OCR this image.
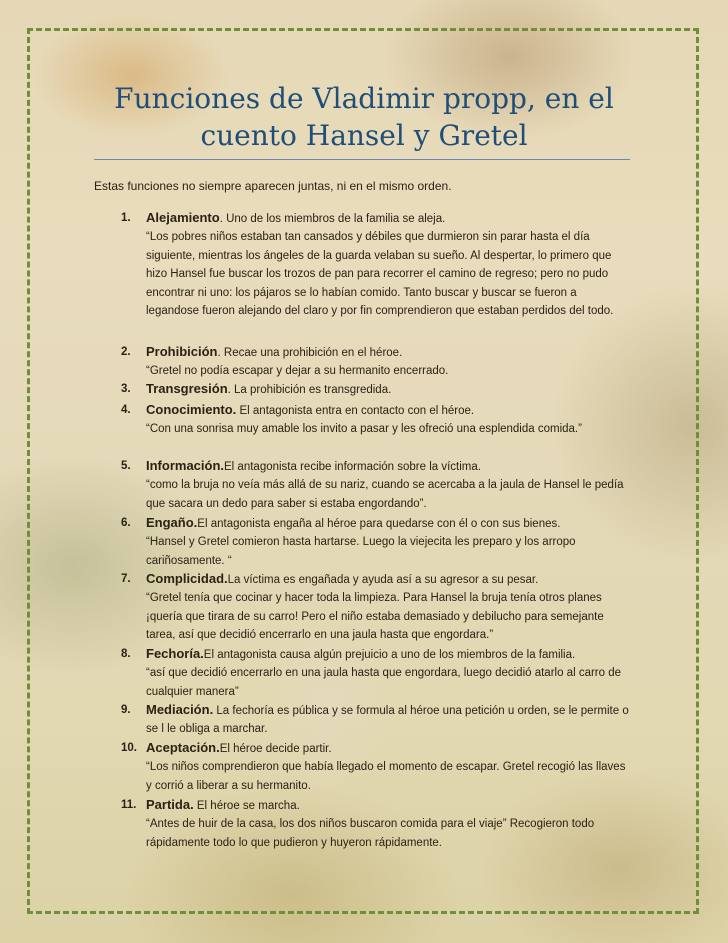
Funciones de Vladimir propp, en el cuento Hansel y Gretel

Estas funciones no siempre aparecen juntas, ni en el mismo orden.

1. Alejamiento. Uno de los miembros de la familia se aleja.
“Los pobres niños estaban tan cansados y débiles que durmieron sin parar hasta el día siguiente, mientras los ángeles de la guarda velaban su sueño. Al despertar, lo primero que hizo Hansel fue buscar los trozos de pan para recorrer el camino de regreso; pero no pudo encontrar ni uno: los pájaros se lo habían comido. Tanto buscar y buscar se fueron a legandose fueron alejando del claro y por fin comprendieron que estaban perdidos del todo.

2. Prohibición. Recae una prohibición en el héroe.
“Gretel no podía escapar y dejar a su hermanito encerrado.

3. Transgresión. La prohibición es transgredida.

4. Conocimiento. El antagonista entra en contacto con el héroe.
“Con una sonrisa muy amable los invito a pasar y les ofreció una esplendida comida.”

5. Información.El antagonista recibe información sobre la víctima.
“como la bruja no veía más allá de su nariz, cuando se acercaba a la jaula de Hansel le pedía que sacara un dedo para saber si estaba engordando”.

6. Engaño.El antagonista engaña al héroe para quedarse con él o con sus bienes.
“Hansel y Gretel comieron hasta hartarse. Luego la viejecita les preparo y los arropo cariñosamente. “

7. Complicidad.La víctima es engañada y ayuda así a su agresor a su pesar.
“Gretel tenía que cocinar y hacer toda la limpieza. Para Hansel la bruja tenía otros planes ¡quería que tirara de su carro! Pero el niño estaba demasiado y debilucho para semejante tarea, así que decidió encerrarlo en una jaula hasta que engordara.”

8. Fechoría.El antagonista causa algún prejuicio a uno de los miembros de la familia.
“así que decidió encerrarlo en una jaula hasta que engordara, luego decidió atarlo al carro de cualquier manera”

9. Mediación. La fechoría es pública y se formula al héroe una petición u orden, se le permite o se l le obliga a marchar.

10. Aceptación.El héroe decide partir.
“Los niños comprendieron que había llegado el momento de escapar. Gretel recogió las llaves y corrió a liberar a su hermanito.

11. Partida. El héroe se marcha.
“Antes de huir de la casa, los dos niños buscaron comida para el viaje” Recogieron todo rápidamente todo lo que pudieron y huyeron rápidamente.
